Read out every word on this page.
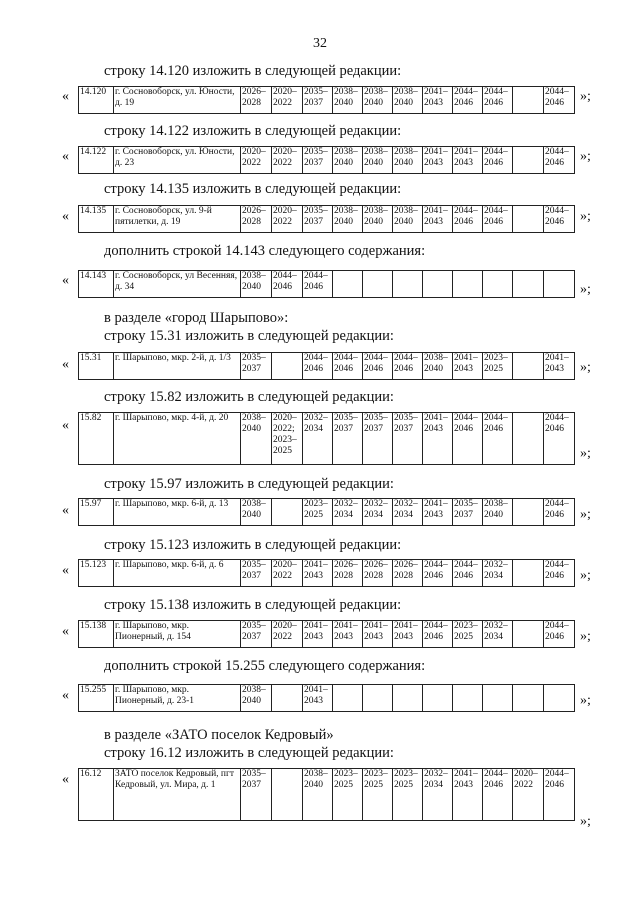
32
строку 14.120 изложить в следующей редакции:
« 14.120	г. Сосновоборск, ул. Юности, д. 19	2026–2028	2020–2022	2035–2037	2038–2040	2038–2040	2038–2040	2041–2043	2044–2046	2044–2046		2044–2046 »;
строку 14.122 изложить в следующей редакции:
« 14.122	г. Сосновоборск, ул. Юности, д. 23	2020–2022	2020–2022	2035–2037	2038–2040	2038–2040	2038–2040	2041–2043	2041–2043	2044–2046		2044–2046 »;
строку 14.135 изложить в следующей редакции:
« 14.135	г. Сосновоборск, ул. 9-й пятилетки, д. 19	2026–2028	2020–2022	2035–2037	2038–2040	2038–2040	2038–2040	2041–2043	2044–2046	2044–2046		2044–2046 »;
дополнить строкой 14.143 следующего содержания:
« 14.143	г. Сосновоборск, ул Весенняя, д. 34	2038–2040	2044–2046	2044–2046									»;
в разделе «город Шарыпово»:
строку 15.31 изложить в следующей редакции:
« 15.31	г. Шарыпово, мкр. 2-й, д. 1/3	2035–2037		2044–2046	2044–2046	2044–2046	2044–2046	2038–2040	2041–2043	2023–2025		2041–2043 »;
строку 15.82 изложить в следующей редакции:
« 15.82	г. Шарыпово, мкр. 4-й, д. 20	2038–2040	2020–2022; 2023–2025	2032–2034	2035–2037	2035–2037	2035–2037	2041–2043	2044–2046	2044–2046		2044–2046
»;
строку 15.97 изложить в следующей редакции:
« 15.97	г. Шарыпово, мкр. 6-й, д. 13	2038–2040		2023–2025	2032–2034	2032–2034	2032–2034	2041–2043	2035–2037	2038–2040		2044–2046 »;
строку 15.123 изложить в следующей редакции:
« 15.123	г. Шарыпово, мкр. 6-й, д. 6	2035–2037	2020–2022	2041–2043	2026–2028	2026–2028	2026–2028	2044–2046	2044–2046	2032–2034		2044–2046 »;
строку 15.138 изложить в следующей редакции:
« 15.138	г. Шарыпово, мкр. Пионерный, д. 154	2035–2037	2020–2022	2041–2043	2041–2043	2041–2043	2041–2043	2044–2046	2023–2025	2032–2034		2044–2046 »;
дополнить строкой 15.255 следующего содержания:
« 15.255	г. Шарыпово, мкр. Пионерный, д. 23-1	2038–2040		2041–2043									»;
в разделе «ЗАТО поселок Кедровый»
строку 16.12 изложить в следующей редакции:
« 16.12	ЗАТО поселок Кедровый, пгт Кедровый, ул. Мира, д. 1	2035–2037		2038–2040	2023–2025	2023–2025	2023–2025	2032–2034	2041–2043	2044–2046	2020–2022	2044–2046
»;
